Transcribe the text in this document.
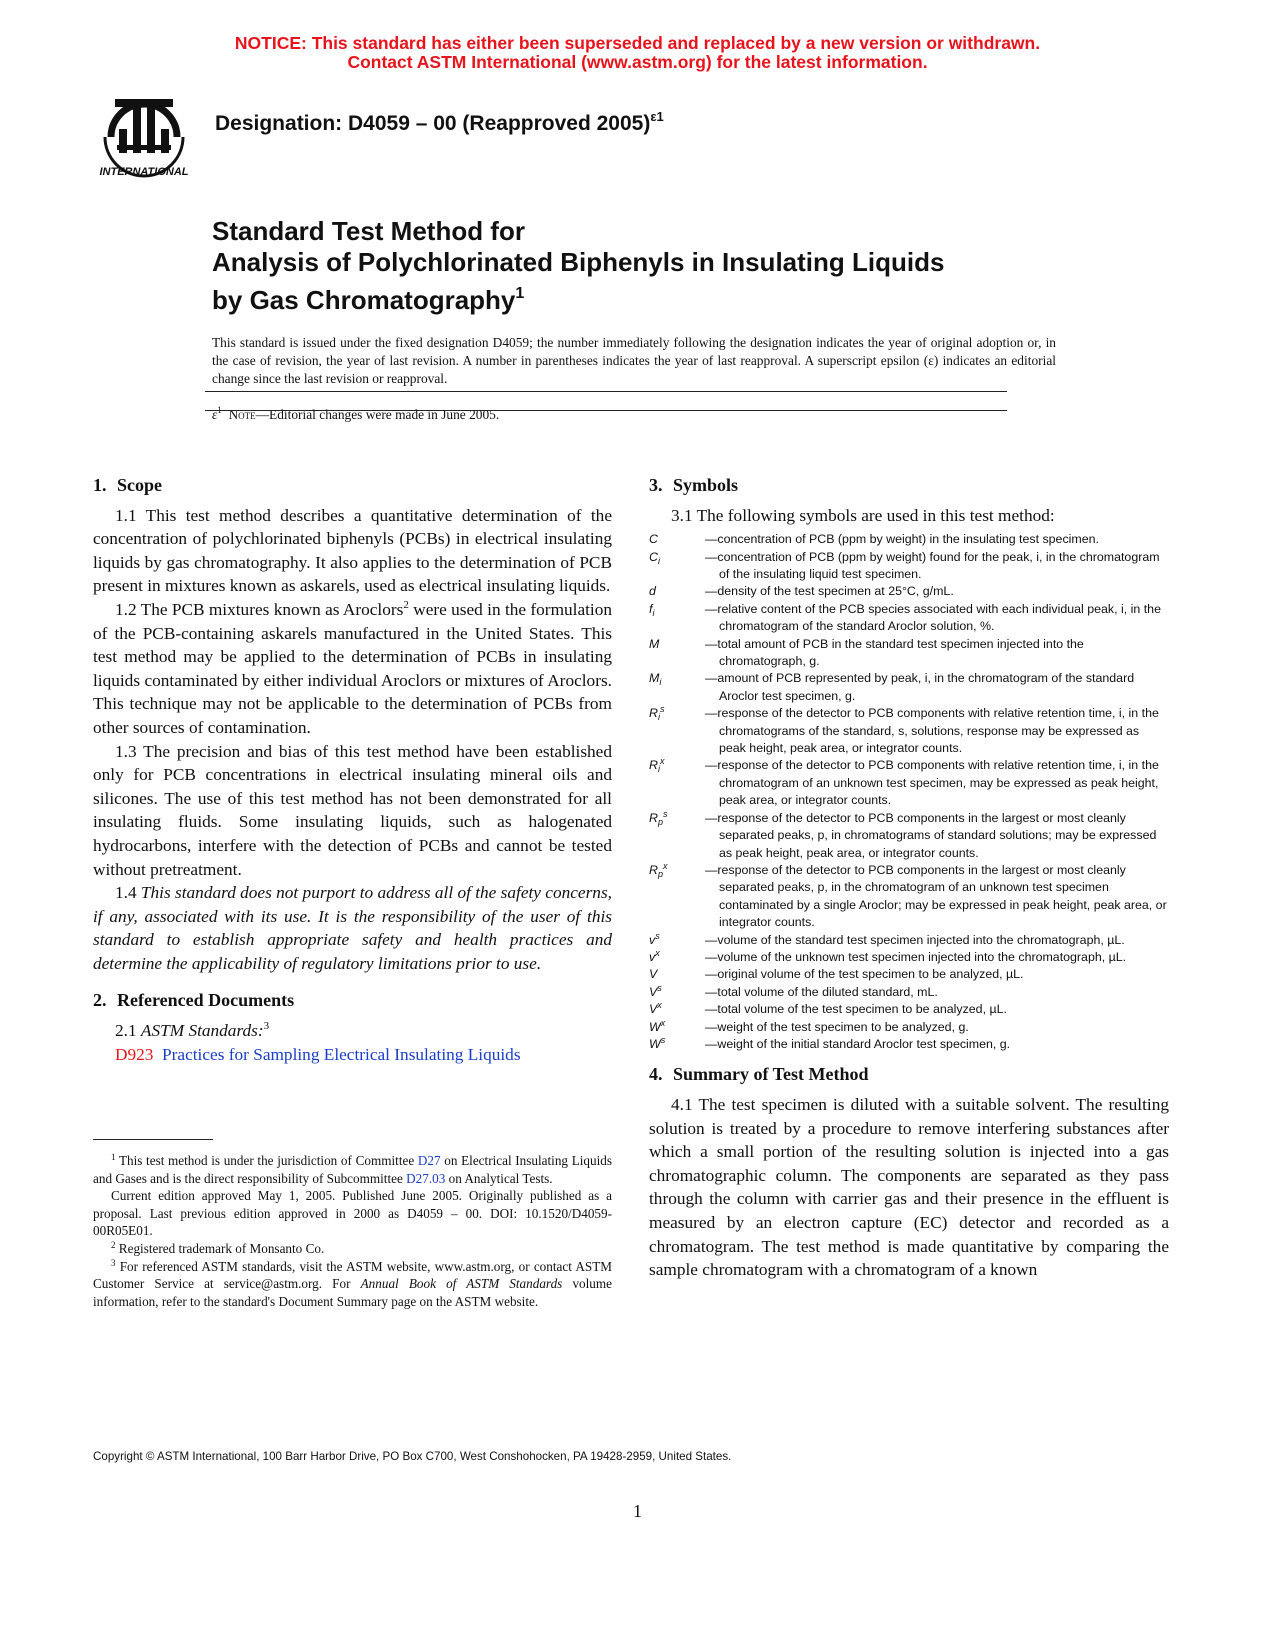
NOTICE: This standard has either been superseded and replaced by a new version or withdrawn.
Contact ASTM International (www.astm.org) for the latest information.
INTERNATIONAL
Designation: D4059 – 00 (Reapproved 2005)$^{\varepsilon 1}$
Standard Test Method for
Analysis of Polychlorinated Biphenyls in Insulating Liquids
by Gas Chromatography$^1$
This standard is issued under the fixed designation D4059; the number immediately following the designation indicates the year of original adoption or, in the case of revision, the year of last revision. A number in parentheses indicates the year of last reapproval. A superscript epsilon (ε) indicates an editorial change since the last revision or reapproval.
$\varepsilon^1$ Note—Editorial changes were made in June 2005.
1. Scope

1.1 This test method describes a quantitative determination of the concentration of polychlorinated biphenyls (PCBs) in electrical insulating liquids by gas chromatography. It also applies to the determination of PCB present in mixtures known as askarels, used as electrical insulating liquids.

1.2 The PCB mixtures known as Aroclors$^2$ were used in the formulation of the PCB-containing askarels manufactured in the United States. This test method may be applied to the determination of PCBs in insulating liquids contaminated by either individual Aroclors or mixtures of Aroclors. This technique may not be applicable to the determination of PCBs from other sources of contamination.

1.3 The precision and bias of this test method have been established only for PCB concentrations in electrical insulating mineral oils and silicones. The use of this test method has not been demonstrated for all insulating fluids. Some insulating liquids, such as halogenated hydrocarbons, interfere with the detection of PCBs and cannot be tested without pretreatment.

1.4 This standard does not purport to address all of the safety concerns, if any, associated with its use. It is the responsibility of the user of this standard to establish appropriate safety and health practices and determine the applicability of regulatory limitations prior to use.

2. Referenced Documents
2.1 ASTM Standards:$^3$
D923 Practices for Sampling Electrical Insulating Liquids

$^1$ This test method is under the jurisdiction of Committee D27 on Electrical Insulating Liquids and Gases and is the direct responsibility of Subcommittee D27.03 on Analytical Tests.

Current edition approved May 1, 2005. Published June 2005. Originally published as a proposal. Last previous edition approved in 2000 as D4059 – 00. DOI: 10.1520/D4059-00R05E01.

$^2$ Registered trademark of Monsanto Co.

$^3$ For referenced ASTM standards, visit the ASTM website, www.astm.org, or contact ASTM Customer Service at service@astm.org. For Annual Book of ASTM Standards volume information, refer to the standard's Document Summary page on the ASTM website.

3. Symbols
3.1 The following symbols are used in this test method:
C	—concentration of PCB (ppm by weight) in the insulating test specimen.
$C_i$	—concentration of PCB (ppm by weight) found for the peak, i, in the chromatogram of the insulating liquid test specimen.
d	—density of the test specimen at 25°C, g/mL.
$f_i$	—relative content of the PCB species associated with each individual peak, i, in the chromatogram of the standard Aroclor solution, %.
M	—total amount of PCB in the standard test specimen injected into the chromatograph, g.
$M_i$	—amount of PCB represented by peak, i, in the chromatogram of the standard Aroclor test specimen, g.
$R_i^s$	—response of the detector to PCB components with relative retention time, i, in the chromatograms of the standard, s, solutions, response may be expressed as peak height, peak area, or integrator counts.
$R_i^x$	—response of the detector to PCB components with relative retention time, i, in the chromatogram of an unknown test specimen, may be expressed as peak height, peak area, or integrator counts.
$R_p^s$	—response of the detector to PCB components in the largest or most cleanly separated peaks, p, in chromatograms of standard solutions; may be expressed as peak height, peak area, or integrator counts.
$R_p^x$	—response of the detector to PCB components in the largest or most cleanly separated peaks, p, in the chromatogram of an unknown test specimen contaminated by a single Aroclor; may be expressed in peak height, peak area, or integrator counts.
$v^s$	—volume of the standard test specimen injected into the chromatograph, µL.
$v^x$	—volume of the unknown test specimen injected into the chromatograph, µL.
V	—original volume of the test specimen to be analyzed, µL.
$V^s$	—total volume of the diluted standard, mL.
$V^x$	—total volume of the test specimen to be analyzed, µL.
$W^x$	—weight of the test specimen to be analyzed, g.
$W^s$	—weight of the initial standard Aroclor test specimen, g.
4. Summary of Test Method

4.1 The test specimen is diluted with a suitable solvent. The resulting solution is treated by a procedure to remove interfering substances after which a small portion of the resulting solution is injected into a gas chromatographic column. The components are separated as they pass through the column with carrier gas and their presence in the effluent is measured by an electron capture (EC) detector and recorded as a chromatogram. The test method is made quantitative by comparing the sample chromatogram with a chromatogram of a known

Copyright © ASTM International, 100 Barr Harbor Drive, PO Box C700, West Conshohocken, PA 19428-2959, United States.
1
